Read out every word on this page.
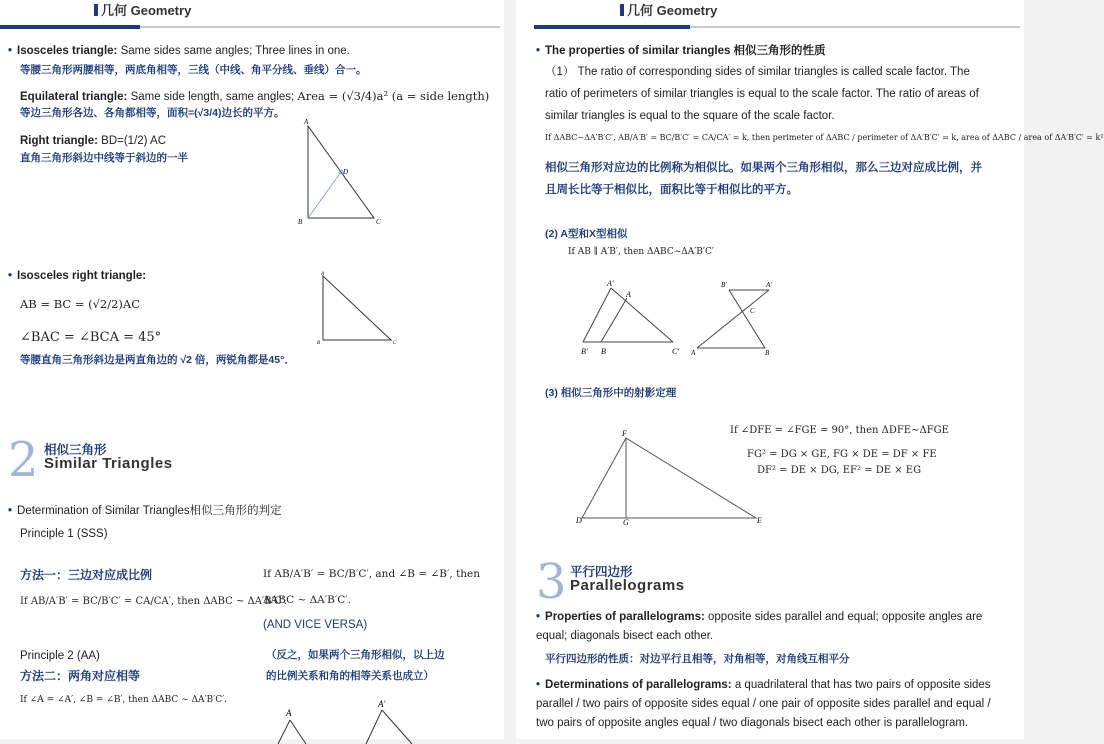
几何 Geometry
• Isosceles triangle: Same sides same angles; Three lines in one.
等腰三角形两腰相等，两底角相等，三线（中线、角平分线、垂线）合一。
Equilateral triangle: Same side length, same angles; Area = (√3/4)a² (a = side length)
等边三角形各边、各角都相等，面积=(√3/4)边长的平方。
Right triangle: BD=(1/2) AC
直角三角形斜边中线等于斜边的一半
A
B	C
D
• Isosceles right triangle:
AB = BC = (√2/2)AC
∠BAC = ∠BCA = 45°
等腰直角三角形斜边是两直角边的 √2 倍，两锐角都是45°．
A
B	C
2 相似三角形
Similar Triangles
• Determination of Similar Triangles相似三角形的判定
Principle 1 (SSS)
方法一：三边对应成比例
If AB/A′B′ = BC/B′C′ = CA/CA′, then ΔABC ~ ΔA′B′C′.
If AB/A′B′ = BC/B′C′, and ∠B = ∠B′, then
ΔABC ~ ΔA′B′C′.
(AND VICE VERSA)
（反之，如果两个三角形相似，以上边
的比例关系和角的相等关系也成立）
Principle 2 (AA)
方法二：两角对应相等
If ∠A = ∠A′, ∠B = ∠B′, then ΔABC ~ ΔA′B′C′.
A
A′
几何 Geometry
• The properties of similar triangles 相似三角形的性质
（1） The ratio of corresponding sides of similar triangles is called scale factor. The ratio of perimeters of similar triangles is equal to the scale factor. The ratio of areas of similar triangles is equal to the square of the scale factor.
If ΔABC~ΔA′B′C′, AB/A′B′ = BC/B′C′ = CA/CA′ = k, then perimeter of ΔABC / perimeter of ΔA′B′C′ = k, area of ΔABC / area of ΔA′B′C′ = k²
相似三角形对应边的比例称为相似比。如果两个三角形相似，那么三边对应成比例，并且周长比等于相似比，面积比等于相似比的平方。
(2) A型和X型相似
If AB ∥ A′B′, then ΔABC~ΔA′B′C′
A′
A
B′ B	C′
B′	A′
C
A	B
(3) 相似三角形中的射影定理
F
D	G	E
If ∠DFE = ∠FGE = 90°, then ΔDFE~ΔFGE
FG² = DG × GE, FG × DE = DF × FE
DF² = DE × DG, EF² = DE × EG
3 平行四边形
Parallelograms
• Properties of parallelograms: opposite sides parallel and equal; opposite angles are equal; diagonals bisect each other.
平行四边形的性质：对边平行且相等，对角相等，对角线互相平分
• Determinations of parallelograms: a quadrilateral that has two pairs of opposite sides parallel / two pairs of opposite sides equal / one pair of opposite sides parallel and equal / two pairs of opposite angles equal / two diagonals bisect each other is parallelogram.
